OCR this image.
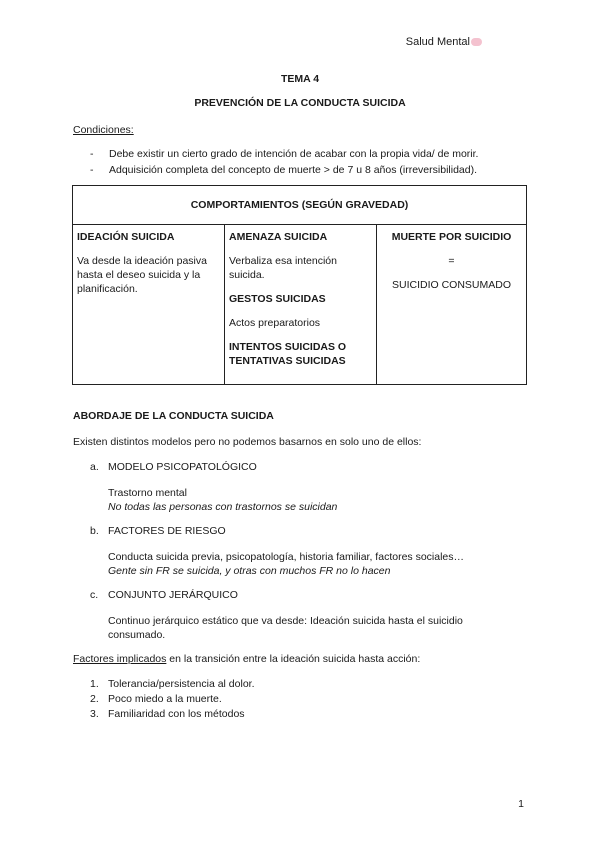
Salud Mental
TEMA 4
PREVENCIÓN DE LA CONDUCTA SUICIDA
Condiciones:
- Debe existir un cierto grado de intención de acabar con la propia vida/ de morir.
- Adquisición completa del concepto de muerte > de 7 u 8 años (irreversibilidad).
COMPORTAMIENTOS (SEGÚN GRAVEDAD)
IDEACIÓN SUICIDA

Va desde la ideación pasiva hasta el deseo suicida y la planificación.

AMENAZA SUICIDA

Verbaliza esa intención suicida.

GESTOS SUICIDAS

Actos preparatorios

INTENTOS SUICIDAS O TENTATIVAS SUICIDAS
MUERTE POR SUICIDIO

=

SUICIDIO CONSUMADO

ABORDAJE DE LA CONDUCTA SUICIDA
Existen distintos modelos pero no podemos basarnos en solo uno de ellos:
a. MODELO PSICOPATOLÓGICO
Trastorno mental
No todas las personas con trastornos se suicidan
b. FACTORES DE RIESGO
Conducta suicida previa, psicopatología, historia familiar, factores sociales…
Gente sin FR se suicida, y otras con muchos FR no lo hacen
c. CONJUNTO JERÁRQUICO
Continuo jerárquico estático que va desde: Ideación suicida hasta el suicidio consumado.
Factores implicados en la transición entre la ideación suicida hasta acción:
1. Tolerancia/persistencia al dolor.
2. Poco miedo a la muerte.
3. Familiaridad con los métodos
1
